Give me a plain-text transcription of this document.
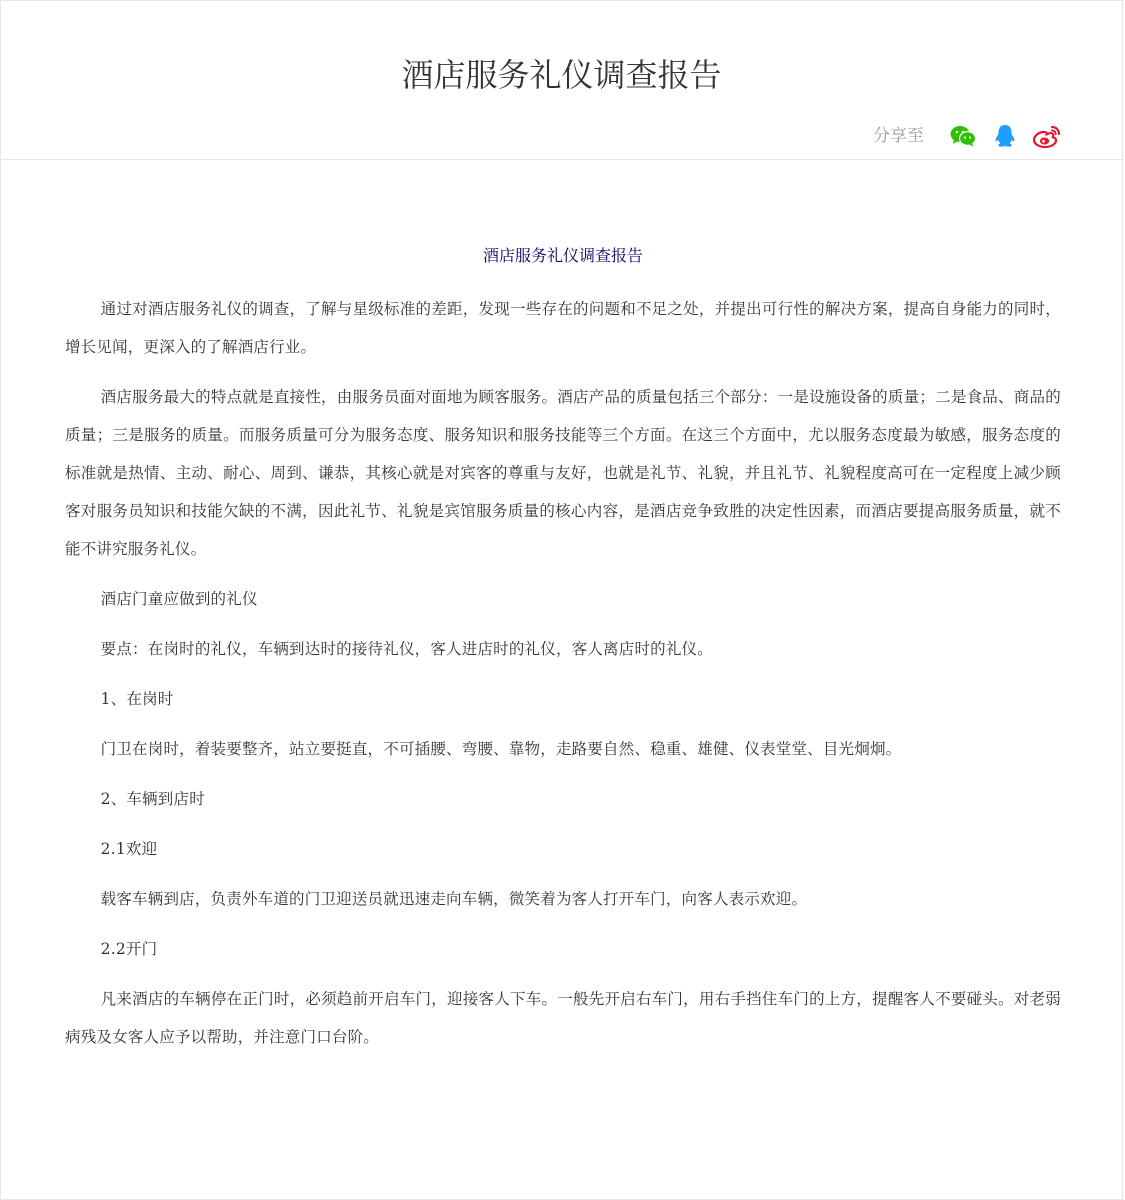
酒店服务礼仪调查报告
分享至
酒店服务礼仪调查报告

通过对酒店服务礼仪的调查，了解与星级标准的差距，发现一些存在的问题和不足之处，并提出可行性的解决方案，提高自身能力的同时，增长见闻，更深入的了解酒店行业。

酒店服务最大的特点就是直接性，由服务员面对面地为顾客服务。酒店产品的质量包括三个部分：一是设施设备的质量；二是食品、商品的质量；三是服务的质量。而服务质量可分为服务态度、服务知识和服务技能等三个方面。在这三个方面中，尤以服务态度最为敏感，服务态度的标准就是热情、主动、耐心、周到、谦恭，其核心就是对宾客的尊重与友好，也就是礼节、礼貌，并且礼节、礼貌程度高可在一定程度上减少顾客对服务员知识和技能欠缺的不满，因此礼节、礼貌是宾馆服务质量的核心内容，是酒店竞争致胜的决定性因素，而酒店要提高服务质量，就不能不讲究服务礼仪。

酒店门童应做到的礼仪

要点：在岗时的礼仪，车辆到达时的接待礼仪，客人进店时的礼仪，客人离店时的礼仪。

1、在岗时

门卫在岗时，着装要整齐，站立要挺直，不可插腰、弯腰、靠物，走路要自然、稳重、雄健、仪表堂堂、目光炯炯。

2、车辆到店时

2.1欢迎

载客车辆到店，负责外车道的门卫迎送员就迅速走向车辆，微笑着为客人打开车门，向客人表示欢迎。

2.2开门

凡来酒店的车辆停在正门时，必须趋前开启车门，迎接客人下车。一般先开启右车门，用右手挡住车门的上方，提醒客人不要碰头。对老弱病残及女客人应予以帮助，并注意门口台阶。
